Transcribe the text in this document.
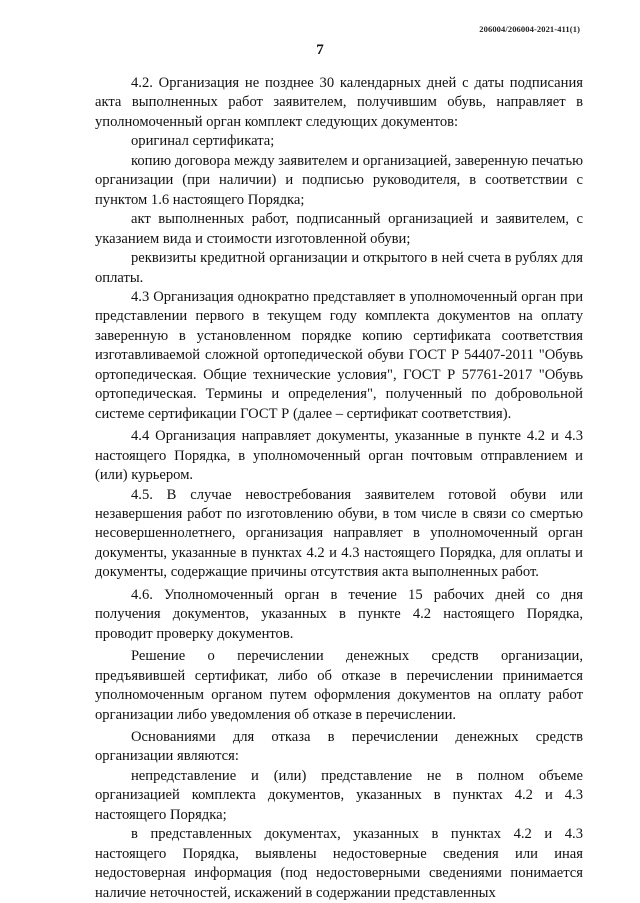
206004/206004-2021-411(1)
7

4.2. Организация не позднее 30 календарных дней с даты подписания акта выполненных работ заявителем, получившим обувь, направляет в уполномоченный орган комплект следующих документов:

оригинал сертификата;

копию договора между заявителем и организацией, заверенную печатью организации (при наличии) и подписью руководителя, в соответствии с пунктом 1.6 настоящего Порядка;

акт выполненных работ, подписанный организацией и заявителем, с указанием вида и стоимости изготовленной обуви;

реквизиты кредитной организации и открытого в ней счета в рублях для оплаты.

4.3 Организация однократно представляет в уполномоченный орган при представлении первого в текущем году комплекта документов на оплату заверенную в установленном порядке копию сертификата соответствия изготавливаемой сложной ортопедической обуви ГОСТ Р 54407-2011 "Обувь ортопедическая. Общие технические условия", ГОСТ Р 57761-2017 "Обувь ортопедическая. Термины и определения", полученный по добровольной системе сертификации ГОСТ Р (далее – сертификат соответствия).

4.4 Организация направляет документы, указанные в пункте 4.2 и 4.3 настоящего Порядка, в уполномоченный орган почтовым отправлением и (или) курьером.

4.5. В случае невостребования заявителем готовой обуви или незавершения работ по изготовлению обуви, в том числе в связи со смертью несовершеннолетнего, организация направляет в уполномоченный орган документы, указанные в пунктах 4.2 и 4.3 настоящего Порядка, для оплаты и документы, содержащие причины отсутствия акта выполненных работ.

4.6. Уполномоченный орган в течение 15 рабочих дней со дня получения документов, указанных в пункте 4.2 настоящего Порядка, проводит проверку документов.

Решение о перечислении денежных средств организации, предъявившей сертификат, либо об отказе в перечислении принимается уполномоченным органом путем оформления документов на оплату работ организации либо уведомления об отказе в перечислении.

Основаниями для отказа в перечислении денежных средств организации являются:

непредставление и (или) представление не в полном объеме организацией комплекта документов, указанных в пунктах 4.2 и 4.3 настоящего Порядка;

в представленных документах, указанных в пунктах 4.2 и 4.3 настоящего Порядка, выявлены недостоверные сведения или иная недостоверная информация (под недостоверными сведениями понимается наличие неточностей, искажений в содержании представленных
